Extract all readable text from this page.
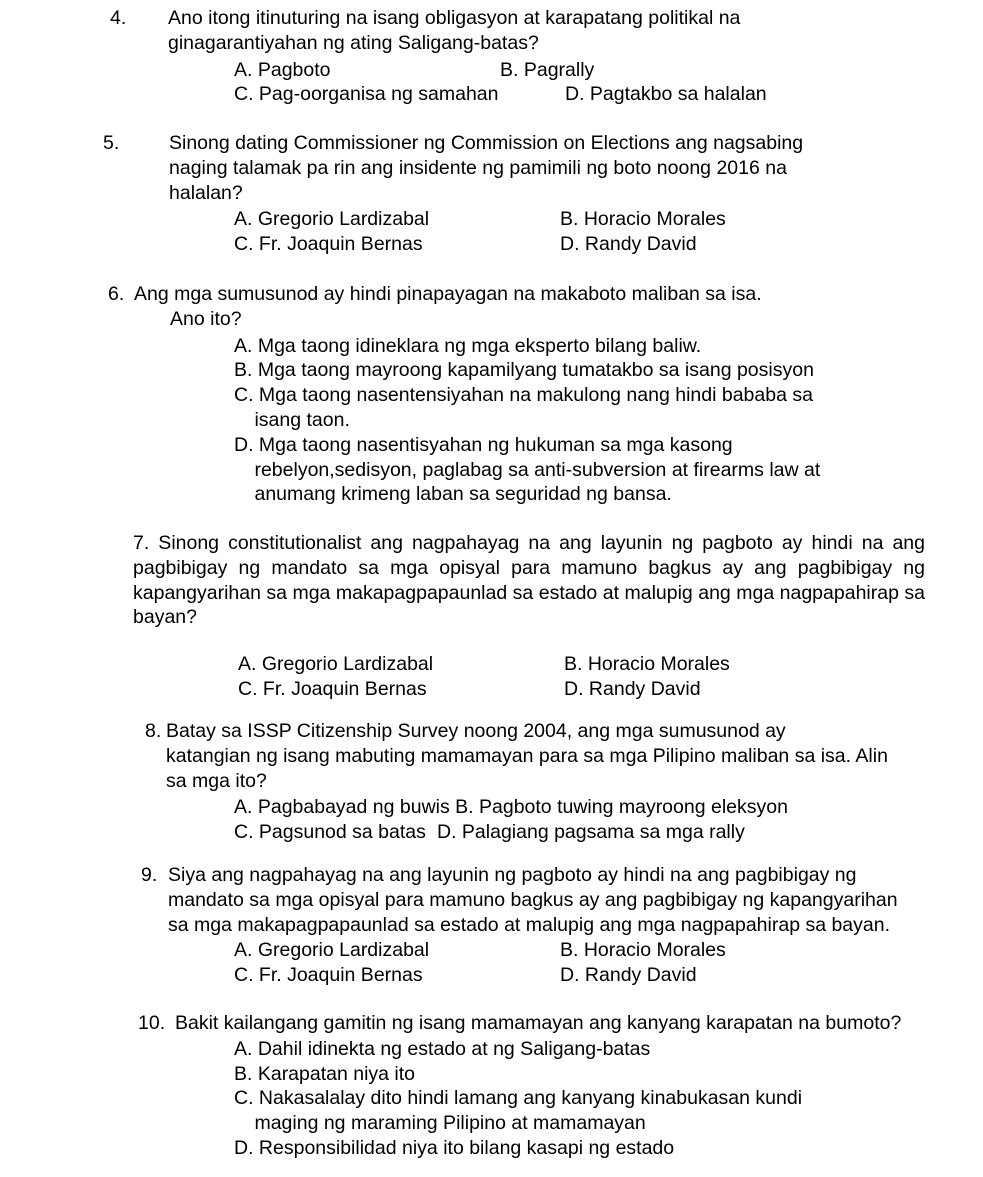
4.	Ano itong itinuturing na isang obligasyon at karapatang politikal na
ginagarantiyahan ng ating Saligang-batas?
A. Pagboto	B. Pagrally
C. Pag-oorganisa ng samahan	D. Pagtakbo sa halalan
5.	Sinong dating Commissioner ng Commission on Elections ang nagsabing
naging talamak pa rin ang insidente ng pamimili ng boto noong 2016 na
halalan?
A. Gregorio Lardizabal	B. Horacio Morales
C. Fr. Joaquin Bernas	D. Randy David
6. Ang mga sumusunod ay hindi pinapayagan na makaboto maliban sa isa.
Ano ito?
A. Mga taong idineklara ng mga eksperto bilang baliw.
B. Mga taong mayroong kapamilyang tumatakbo sa isang posisyon
C. Mga taong nasentensiyahan na makulong nang hindi bababa sa isang taon.
D. Mga taong nasentisyahan ng hukuman sa mga kasong rebelyon,sedisyon, paglabag sa anti-subversion at firearms law at anumang krimeng laban sa seguridad ng bansa.
7. Sinong constitutionalist ang nagpahayag na ang layunin ng pagboto ay hindi na ang pagbibigay ng mandato sa mga opisyal para mamuno bagkus ay ang pagbibigay ng kapangyarihan sa mga makapagpapaunlad sa estado at malupig ang mga nagpapahirap sa bayan?
A. Gregorio Lardizabal	B. Horacio Morales
C. Fr. Joaquin Bernas	D. Randy David
8. Batay sa ISSP Citizenship Survey noong 2004, ang mga sumusunod ay
katangian ng isang mabuting mamamayan para sa mga Pilipino maliban sa isa. Alin
sa mga ito?
A. Pagbabayad ng buwis B. Pagboto tuwing mayroong eleksyon
C. Pagsunod sa batas D. Palagiang pagsama sa mga rally
9. Siya ang nagpahayag na ang layunin ng pagboto ay hindi na ang pagbibigay ng
mandato sa mga opisyal para mamuno bagkus ay ang pagbibigay ng kapangyarihan
sa mga makapagpapaunlad sa estado at malupig ang mga nagpapahirap sa bayan.
A. Gregorio Lardizabal	B. Horacio Morales
C. Fr. Joaquin Bernas	D. Randy David
10. Bakit kailangang gamitin ng isang mamamayan ang kanyang karapatan na bumoto?
A. Dahil idinekta ng estado at ng Saligang-batas
B. Karapatan niya ito
C. Nakasalalay dito hindi lamang ang kanyang kinabukasan kundi maging ng maraming Pilipino at mamamayan
D. Responsibilidad niya ito bilang kasapi ng estado
